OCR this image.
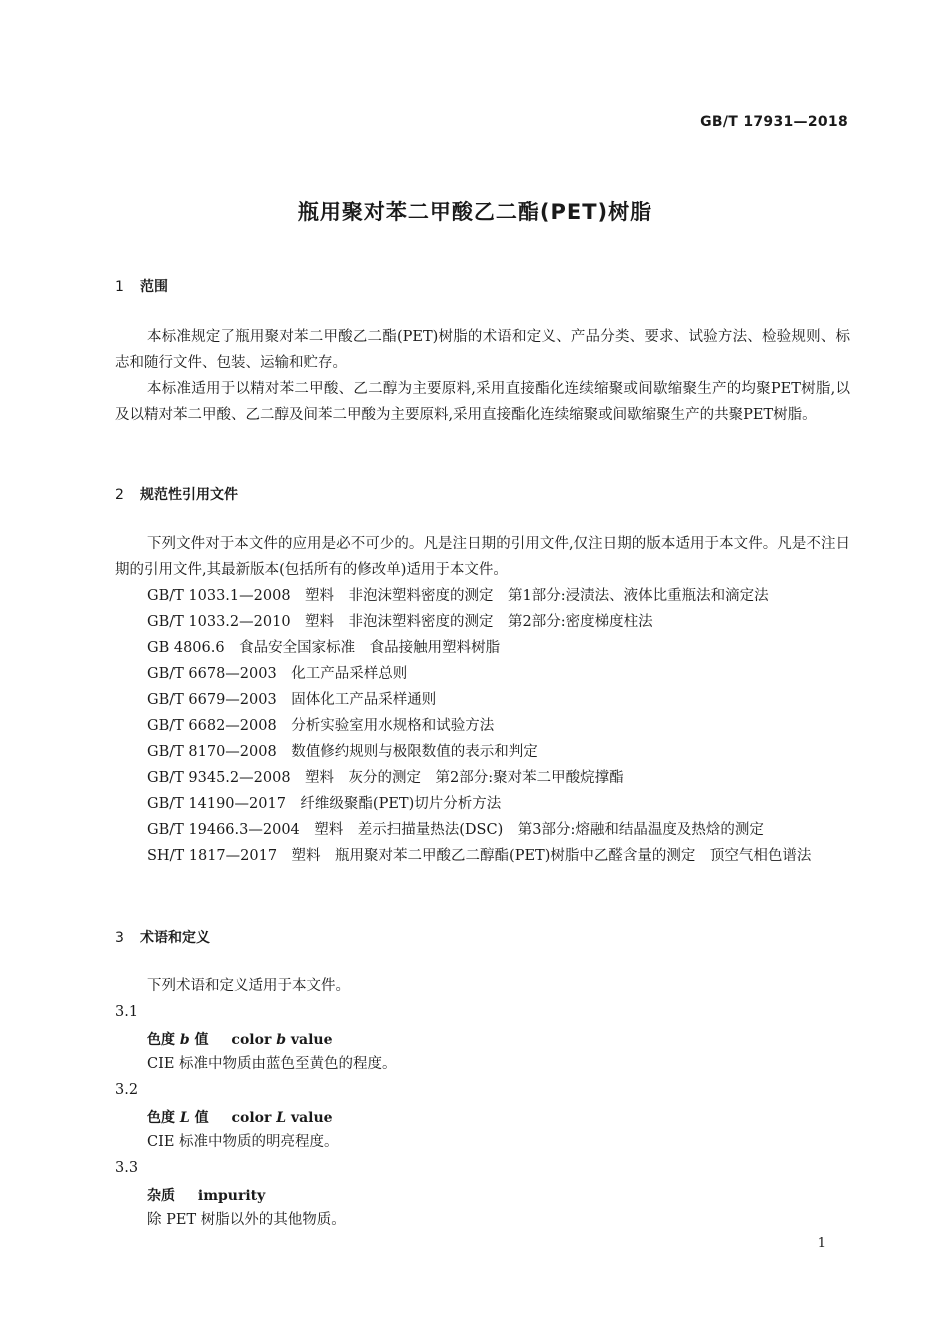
GB/T 17931—2018
瓶用聚对苯二甲酸乙二酯(PET)树脂
1 范围

本标准规定了瓶用聚对苯二甲酸乙二酯(PET)树脂的术语和定义、产品分类、要求、试验方法、检验规则、标志和随行文件、包装、运输和贮存。

本标准适用于以精对苯二甲酸、乙二醇为主要原料,采用直接酯化连续缩聚或间歇缩聚生产的均聚PET树脂,以及以精对苯二甲酸、乙二醇及间苯二甲酸为主要原料,采用直接酯化连续缩聚或间歇缩聚生产的共聚PET树脂。

2 规范性引用文件

下列文件对于本文件的应用是必不可少的。凡是注日期的引用文件,仅注日期的版本适用于本文件。凡是不注日期的引用文件,其最新版本(包括所有的修改单)适用于本文件。

GB/T 1033.1—2008　塑料　非泡沫塑料密度的测定　第1部分:浸渍法、液体比重瓶法和滴定法
GB/T 1033.2—2010　塑料　非泡沫塑料密度的测定　第2部分:密度梯度柱法
GB 4806.6　食品安全国家标准　食品接触用塑料树脂
GB/T 6678—2003　化工产品采样总则
GB/T 6679—2003　固体化工产品采样通则
GB/T 6682—2008　分析实验室用水规格和试验方法
GB/T 8170—2008　数值修约规则与极限数值的表示和判定
GB/T 9345.2—2008　塑料　灰分的测定　第2部分:聚对苯二甲酸烷撑酯
GB/T 14190—2017　纤维级聚酯(PET)切片分析方法
GB/T 19466.3—2004　塑料　差示扫描量热法(DSC)　第3部分:熔融和结晶温度及热焓的测定
SH/T 1817—2017　塑料　瓶用聚对苯二甲酸乙二醇酯(PET)树脂中乙醛含量的测定　顶空气相色谱法
3 术语和定义
下列术语和定义适用于本文件。
3.1
色度 b 值 color b value
CIE 标准中物质由蓝色至黄色的程度。
3.2
色度 L 值 color L value
CIE 标准中物质的明亮程度。
3.3
杂质 impurity
除 PET 树脂以外的其他物质。
1
